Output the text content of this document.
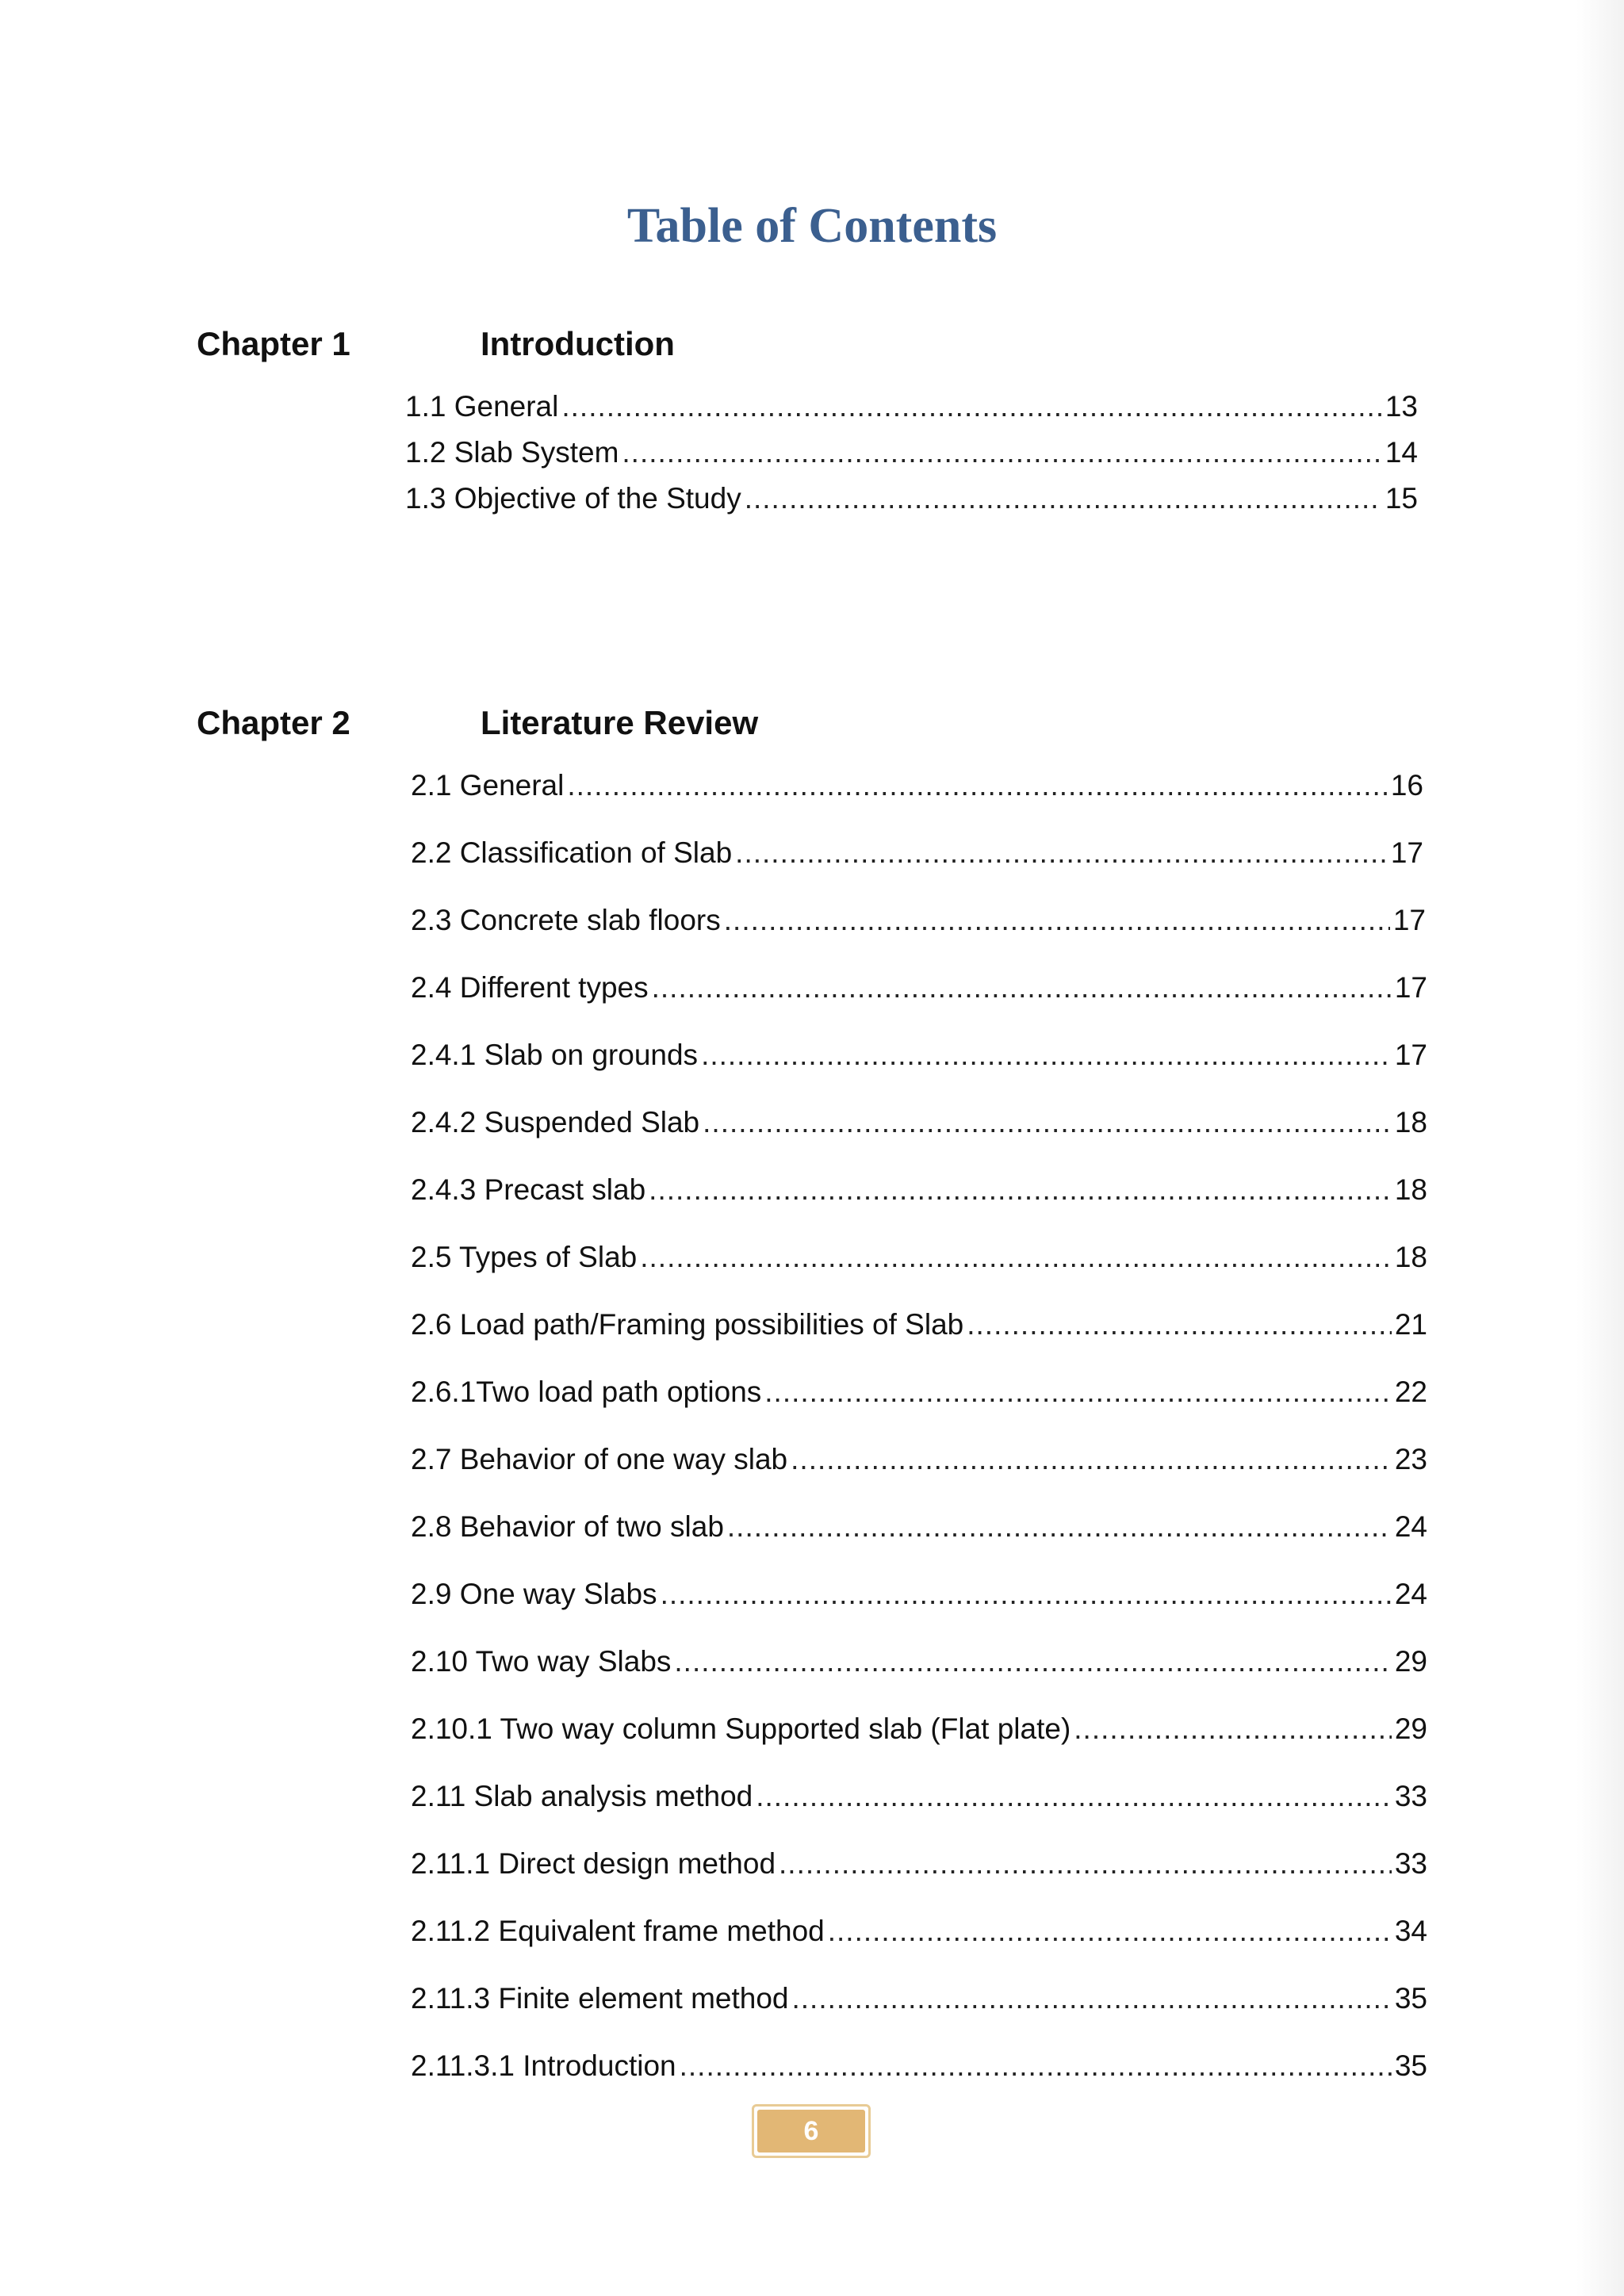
Table of Contents
Chapter 1	Introduction
1.1 General .....	13
1.2 Slab System .....	14
1.3 Objective of the Study .....	15
Chapter 2	Literature Review
2.1 General .....	16
2.2 Classification of Slab .....	17
2.3 Concrete slab floors .....	17
2.4 Different types .....	17
2.4.1 Slab on grounds .....	17
2.4.2 Suspended Slab .....	18
2.4.3 Precast slab .....	18
2.5 Types of Slab .....	18
2.6 Load path/Framing possibilities of Slab .....	21
2.6.1Two load path options .....	22
2.7 Behavior of one way slab .....	23
2.8 Behavior of two slab .....	24
2.9 One way Slabs .....	24
2.10 Two way Slabs .....	29
2.10.1 Two way column Supported slab (Flat plate) .....	29
2.11 Slab analysis method .....	33
2.11.1 Direct design method .....	33
2.11.2 Equivalent frame method .....	34
2.11.3 Finite element method .....	35
2.11.3.1 Introduction .....	35
6
